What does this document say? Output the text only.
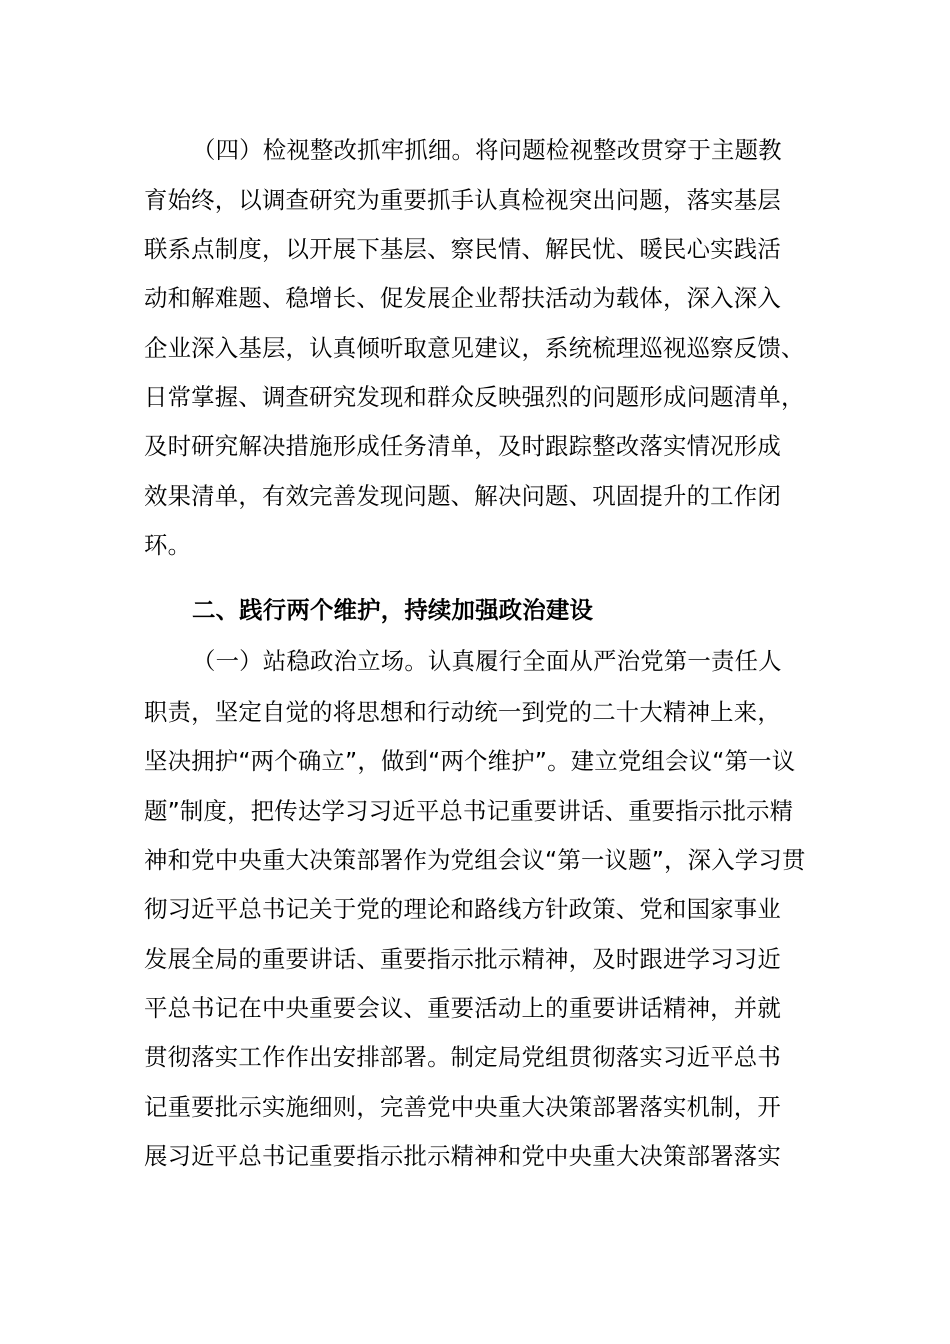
（四）检视整改抓牢抓细。将问题检视整改贯穿于主题教
育始终，以调查研究为重要抓手认真检视突出问题，落实基层
联系点制度，以开展下基层、察民情、解民忧、暖民心实践活
动和解难题、稳增长、促发展企业帮扶活动为载体，深入深入
企业深入基层，认真倾听取意见建议，系统梳理巡视巡察反馈、
日常掌握、调查研究发现和群众反映强烈的问题形成问题清单，
及时研究解决措施形成任务清单，及时跟踪整改落实情况形成
效果清单，有效完善发现问题、解决问题、巩固提升的工作闭
环。
二、践行两个维护，持续加强政治建设
（一）站稳政治立场。认真履行全面从严治党第一责任人
职责，坚定自觉的将思想和行动统一到党的二十大精神上来，
坚决拥护“两个确立”，做到“两个维护”。建立党组会议“第一议
题”制度，把传达学习习近平总书记重要讲话、重要指示批示精
神和党中央重大决策部署作为党组会议“第一议题”，深入学习贯
彻习近平总书记关于党的理论和路线方针政策、党和国家事业
发展全局的重要讲话、重要指示批示精神，及时跟进学习习近
平总书记在中央重要会议、重要活动上的重要讲话精神，并就
贯彻落实工作作出安排部署。制定局党组贯彻落实习近平总书
记重要批示实施细则，完善党中央重大决策部署落实机制，开
展习近平总书记重要指示批示精神和党中央重大决策部署落实
